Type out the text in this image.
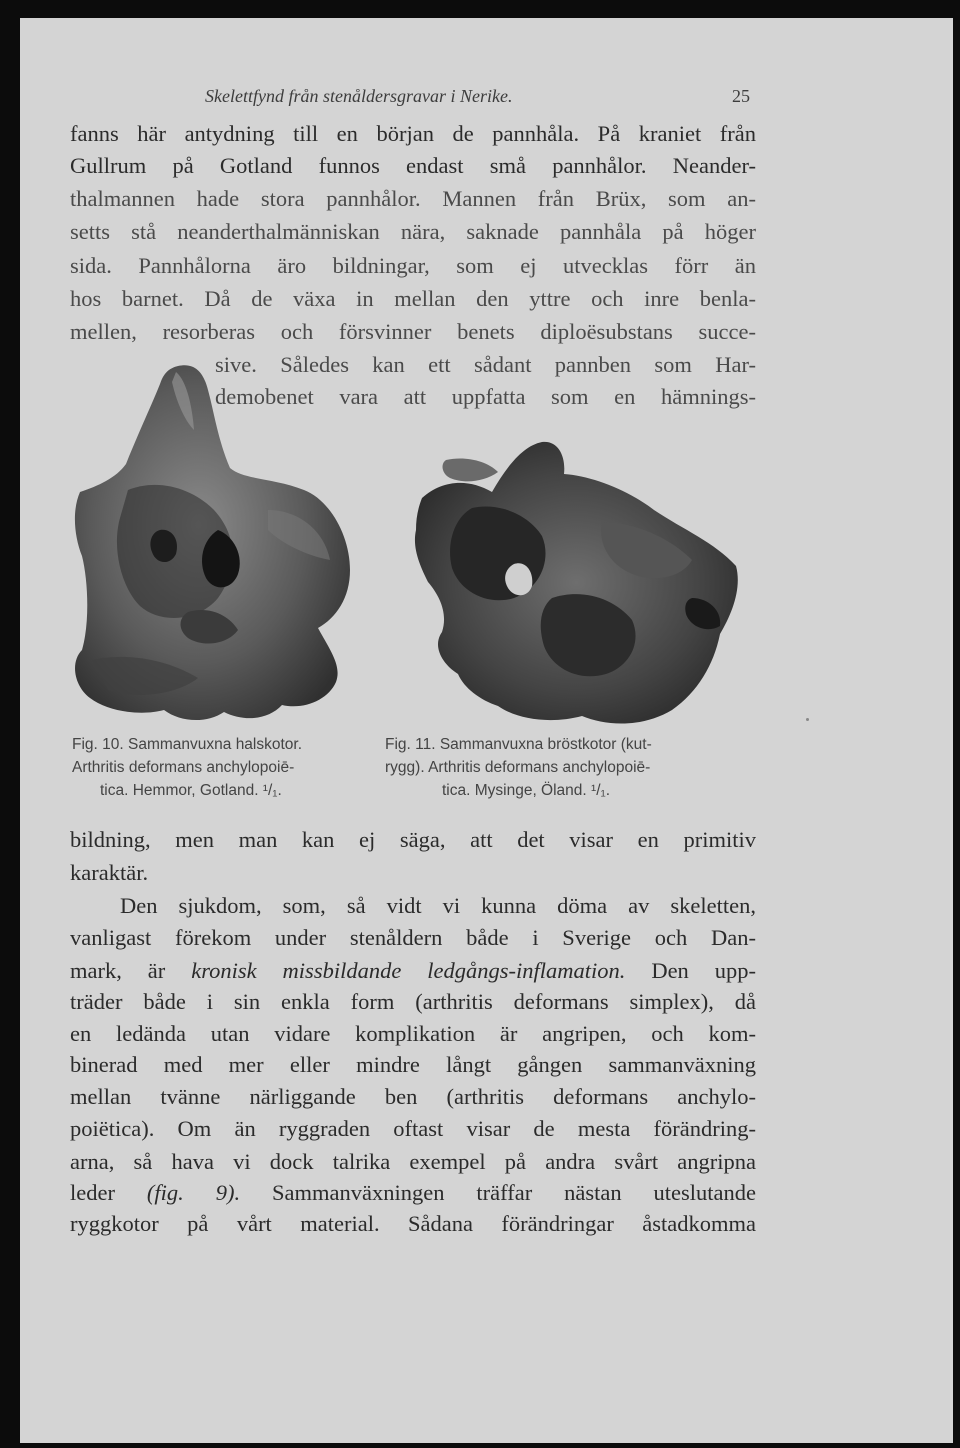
Skelettfynd från stenåldersgravar i Nerike.	25
fanns här antydning till en början de pannhåla. På kraniet från
Gullrum på Gotland funnos endast små pannhålor. Neander-
thalmannen hade stora pannhålor. Mannen från Brüx, som an-
setts stå neanderthalmänniskan nära, saknade pannhåla på höger
sida. Pannhålorna äro bildningar, som ej utvecklas förr än
hos barnet. Då de växa in mellan den yttre och inre benla-
mellen, resorberas och försvinner benets diploësubstans succe-
sive. Således kan ett sådant pannben som Har-
demobenet vara att uppfatta som en hämnings-
Fig. 10. Sammanvuxna halskotor.
Arthritis deformans anchylopoiē-
tica. Hemmor, Gotland. ¹/₁.
Fig. 11. Sammanvuxna bröstkotor (kut-
rygg). Arthritis deformans anchylopoiē-
tica. Mysinge, Öland. ¹/₁.
bildning, men man kan ej säga, att det visar en primitiv
karaktär.
Den sjukdom, som, så vidt vi kunna döma av skeletten,
vanligast förekom under stenåldern både i Sverige och Dan-
mark, är kronisk missbildande ledgångs-inflamation. Den upp-
träder både i sin enkla form (arthritis deformans simplex), då
en ledända utan vidare komplikation är angripen, och kom-
binerad med mer eller mindre långt gången sammanväxning
mellan tvänne närliggande ben (arthritis deformans anchylo-
poiëtica). Om än ryggraden oftast visar de mesta förändring-
arna, så hava vi dock talrika exempel på andra svårt angripna
leder (fig. 9). Sammanväxningen träffar nästan uteslutande
ryggkotor på vårt material. Sådana förändringar åstadkomma
